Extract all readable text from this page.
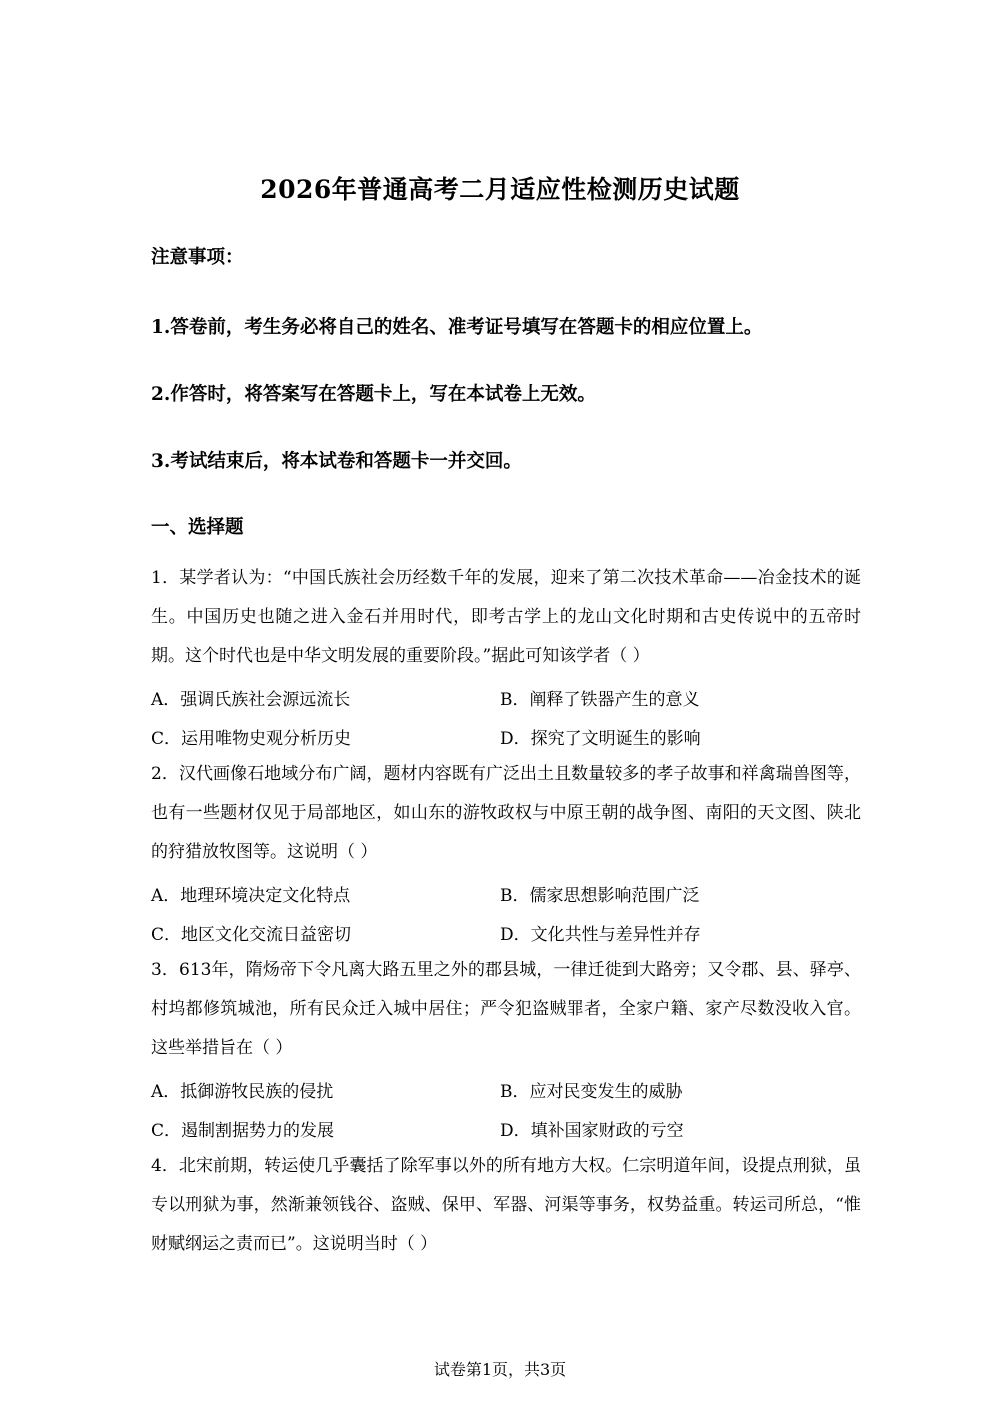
2026年普通高考二月适应性检测历史试题
注意事项：
1.答卷前，考生务必将自己的姓名、准考证号填写在答题卡的相应位置上。
2.作答时，将答案写在答题卡上，写在本试卷上无效。
3.考试结束后，将本试卷和答题卡一并交回。
一、选择题

1．某学者认为：“中国氏族社会历经数千年的发展，迎来了第二次技术革命——冶金技术的诞生。中国历史也随之进入金石并用时代，即考古学上的龙山文化时期和古史传说中的五帝时期。这个时代也是中华文明发展的重要阶段。”据此可知该学者（ ）

A．强调氏族社会源远流长	B．阐释了铁器产生的意义
C．运用唯物史观分析历史	D．探究了文明诞生的影响

2．汉代画像石地域分布广阔，题材内容既有广泛出土且数量较多的孝子故事和祥禽瑞兽图等，也有一些题材仅见于局部地区，如山东的游牧政权与中原王朝的战争图、南阳的天文图、陕北的狩猎放牧图等。这说明（ ）

A．地理环境决定文化特点	B．儒家思想影响范围广泛
C．地区文化交流日益密切	D．文化共性与差异性并存

3．613年，隋炀帝下令凡离大路五里之外的郡县城，一律迁徙到大路旁；又令郡、县、驿亭、村坞都修筑城池，所有民众迁入城中居住；严令犯盗贼罪者，全家户籍、家产尽数没收入官。这些举措旨在（ ）

A．抵御游牧民族的侵扰	B．应对民变发生的威胁
C．遏制割据势力的发展	D．填补国家财政的亏空

4．北宋前期，转运使几乎囊括了除军事以外的所有地方大权。仁宗明道年间，设提点刑狱，虽专以刑狱为事，然渐兼领钱谷、盗贼、保甲、军器、河渠等事务，权势益重。转运司所总，“惟财赋纲运之责而已”。这说明当时（ ）

试卷第1页，共3页
